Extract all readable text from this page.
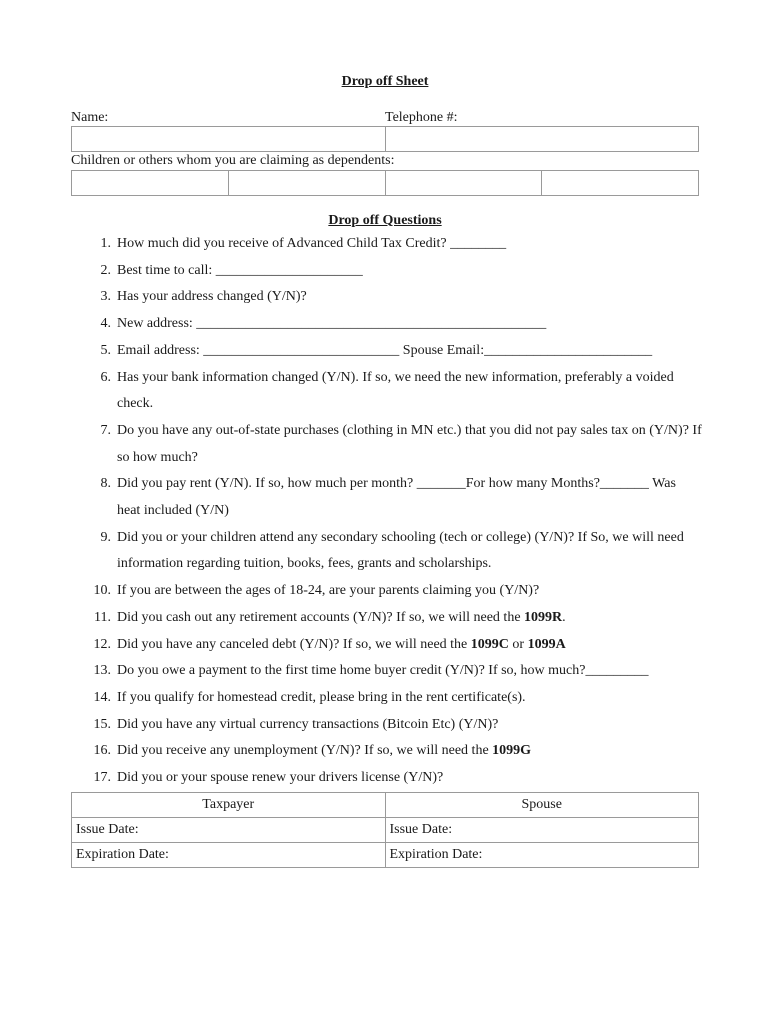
Drop off Sheet
Name:	Telephone #:
Children or others whom you are claiming as dependents:
Drop off Questions
1. How much did you receive of Advanced Child Tax Credit? ________
2. Best time to call: _____________________
3. Has your address changed (Y/N)?
4. New address: __________________________________________________
5. Email address: ____________________________ Spouse Email:________________________
6. Has your bank information changed (Y/N). If so, we need the new information, preferably a voided check.
7. Do you have any out-of-state purchases (clothing in MN etc.) that you did not pay sales tax on (Y/N)? If so how much?
8. Did you pay rent (Y/N). If so, how much per month? _______For how many Months?_______ Was heat included (Y/N)
9. Did you or your children attend any secondary schooling (tech or college) (Y/N)? If So, we will need information regarding tuition, books, fees, grants and scholarships.
10. If you are between the ages of 18-24, are your parents claiming you (Y/N)?
11. Did you cash out any retirement accounts (Y/N)? If so, we will need the 1099R.
12. Did you have any canceled debt (Y/N)? If so, we will need the 1099C or 1099A
13. Do you owe a payment to the first time home buyer credit (Y/N)? If so, how much?_________
14. If you qualify for homestead credit, please bring in the rent certificate(s).
15. Did you have any virtual currency transactions (Bitcoin Etc) (Y/N)?
16. Did you receive any unemployment (Y/N)? If so, we will need the 1099G
17. Did you or your spouse renew your drivers license (Y/N)?
Taxpayer	Spouse
Issue Date:	Issue Date:
Expiration Date:	Expiration Date:
